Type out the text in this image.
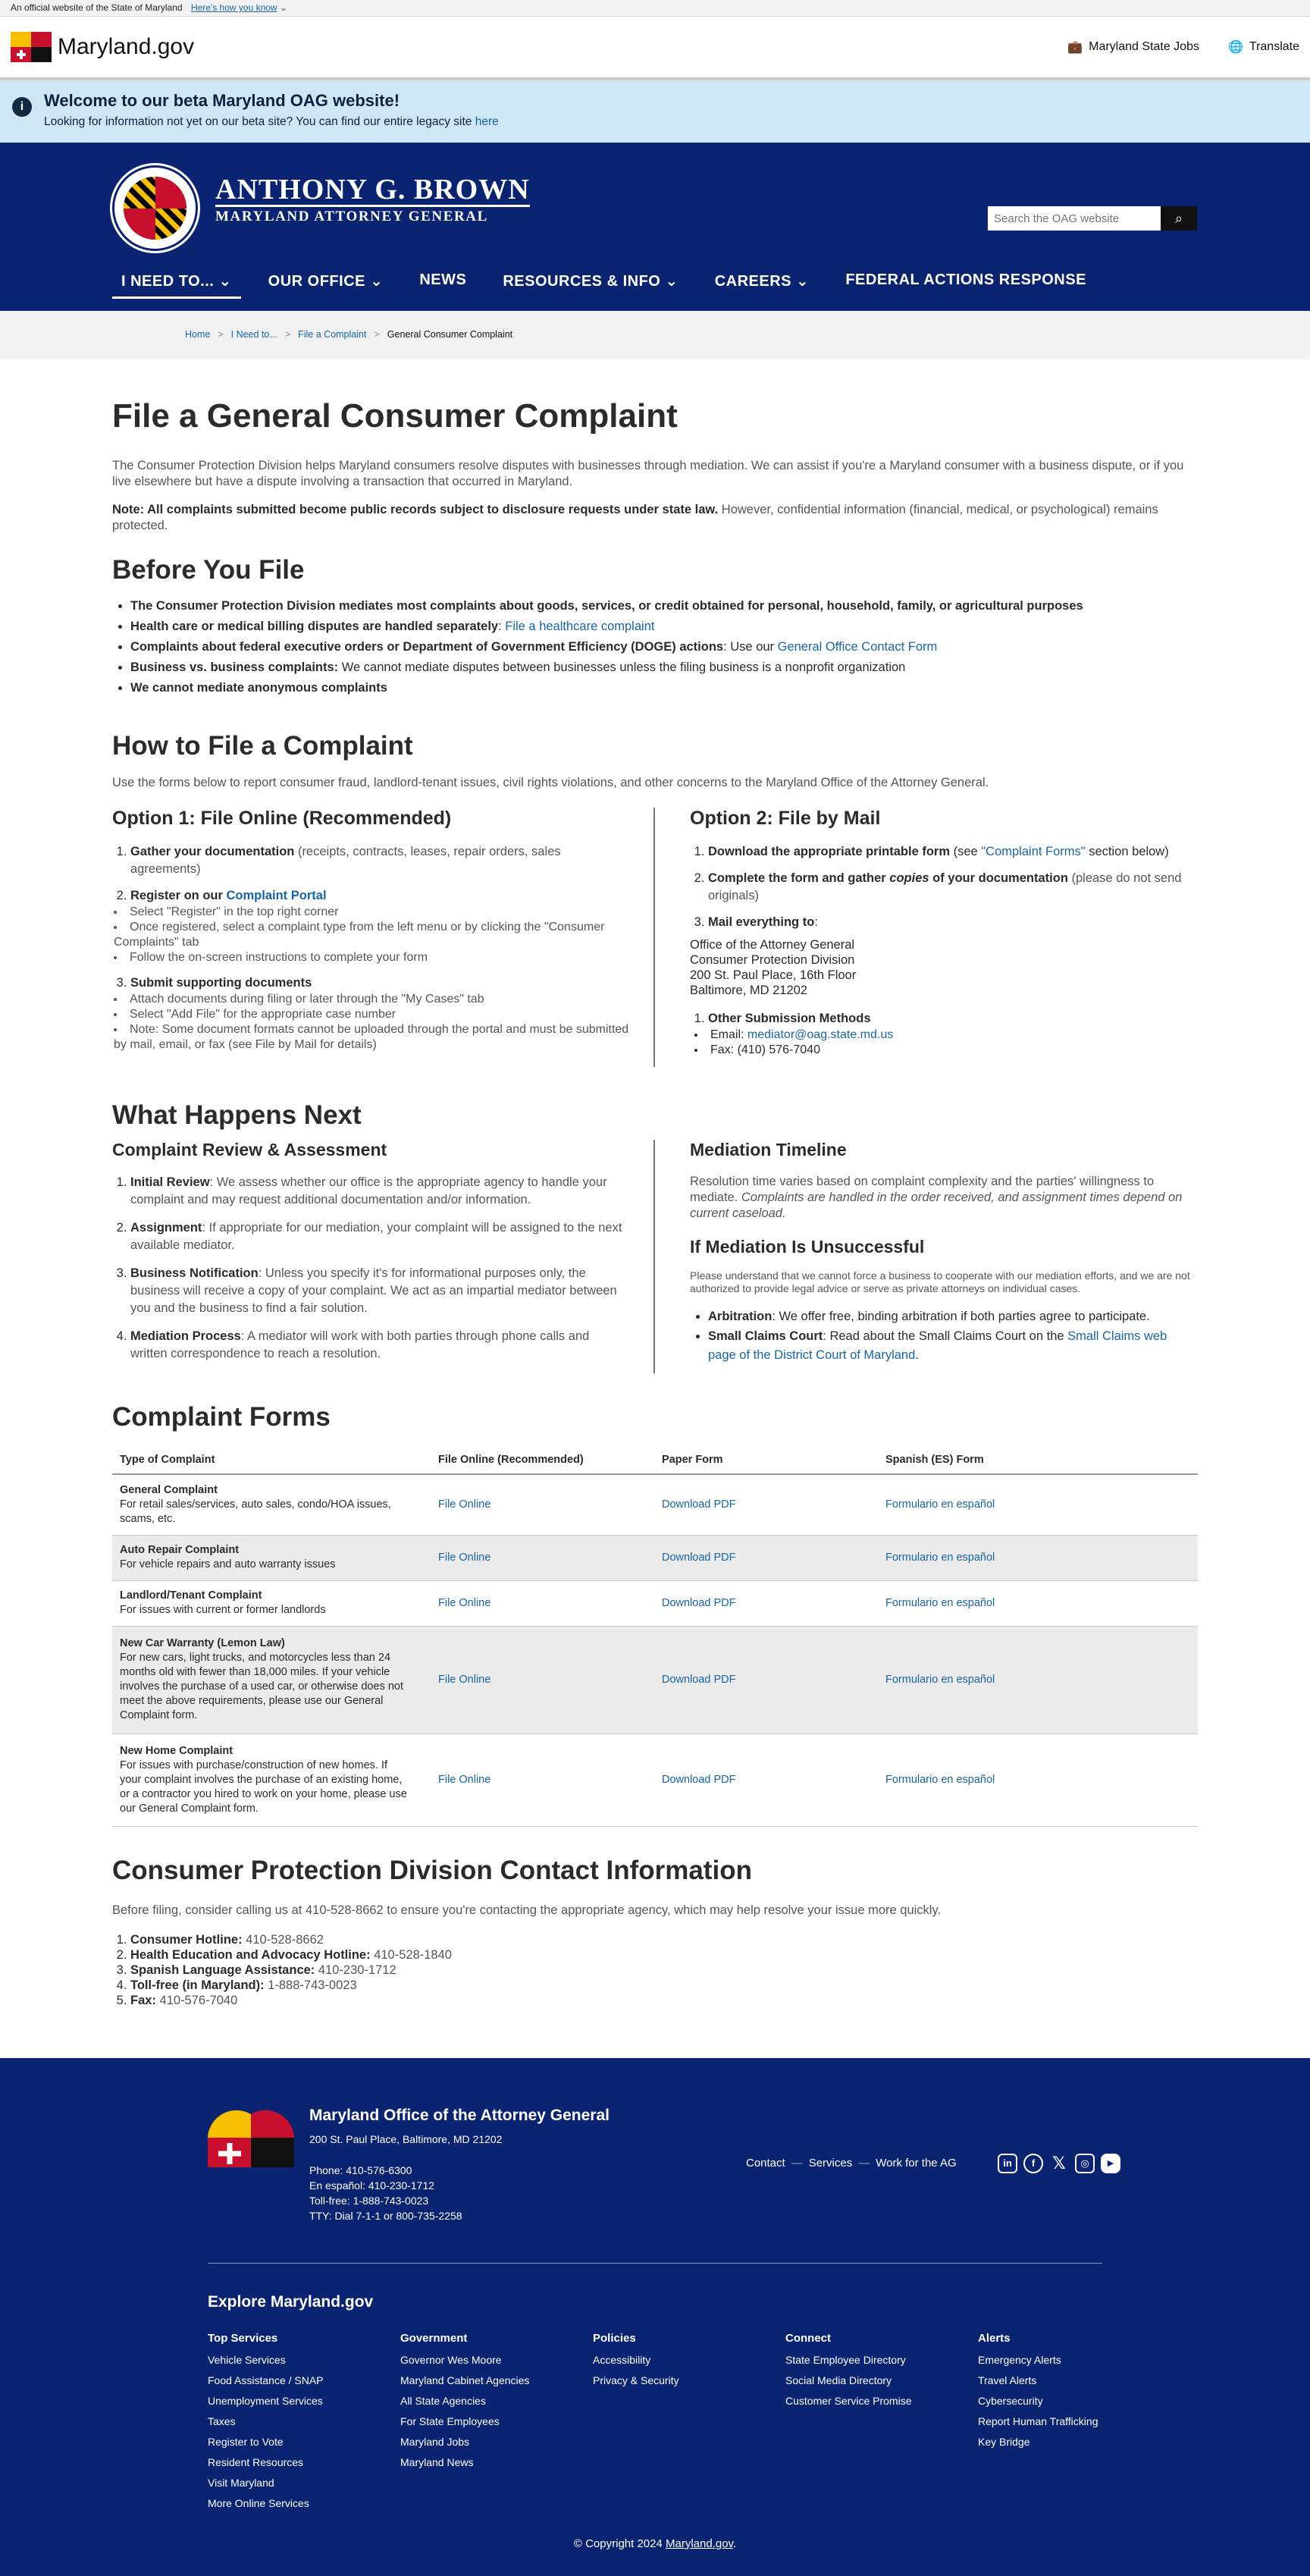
An official website of the State of Maryland Here's how you know ⌄
Maryland.gov	💼 Maryland State Jobs 🌐 Translate
i	Welcome to our beta Maryland OAG website!

Looking for information not yet on our beta site? You can find our entire legacy site here

ANTHONY G. BROWN
MARYLAND ATTORNEY GENERAL
Search the OAG website	⌕
I NEED TO... ⌄	OUR OFFICE ⌄	NEWS	RESOURCES & INFO ⌄	CAREERS ⌄	FEDERAL ACTIONS RESPONSE
Home > I Need to... > File a Complaint > General Consumer Complaint
File a General Consumer Complaint

The Consumer Protection Division helps Maryland consumers resolve disputes with businesses through mediation. We can assist if you're a Maryland consumer with a business dispute, or if you live elsewhere but have a dispute involving a transaction that occurred in Maryland.

Note: All complaints submitted become public records subject to disclosure requests under state law. However, confidential information (financial, medical, or psychological) remains protected.

Before You File
• The Consumer Protection Division mediates most complaints about goods, services, or credit obtained for personal, household, family, or agricultural purposes
• Health care or medical billing disputes are handled separately: File a healthcare complaint
• Complaints about federal executive orders or Department of Government Efficiency (DOGE) actions: Use our General Office Contact Form
• Business vs. business complaints: We cannot mediate disputes between businesses unless the filing business is a nonprofit organization
• We cannot mediate anonymous complaints
How to File a Complaint

Use the forms below to report consumer fraud, landlord-tenant issues, civil rights violations, and other concerns to the Maryland Office of the Attorney General.

Option 1: File Online (Recommended)
1. Gather your documentation (receipts, contracts, leases, repair orders, sales agreements)
2. Register on our Complaint Portal
• Select "Register" in the top right corner
• Once registered, select a complaint type from the left menu or by clicking the "Consumer Complaints" tab
• Follow the on-screen instructions to complete your form
3. Submit supporting documents
• Attach documents during filing or later through the "My Cases" tab
• Select "Add File" for the appropriate case number
• Note: Some document formats cannot be uploaded through the portal and must be submitted by mail, email, or fax (see File by Mail for details)
Option 2: File by Mail
1. Download the appropriate printable form (see "Complaint Forms" section below)
2. Complete the form and gather copies of your documentation (please do not send originals)
3. Mail everything to:
Office of the Attorney General
Consumer Protection Division
200 St. Paul Place, 16th Floor
Baltimore, MD 21202
1. Other Submission Methods
• Email: mediator@oag.state.md.us
• Fax: (410) 576-7040
What Happens Next
Complaint Review & Assessment
1. Initial Review: We assess whether our office is the appropriate agency to handle your complaint and may request additional documentation and/or information.
2. Assignment: If appropriate for our mediation, your complaint will be assigned to the next available mediator.
3. Business Notification: Unless you specify it's for informational purposes only, the business will receive a copy of your complaint. We act as an impartial mediator between you and the business to find a fair solution.
4. Mediation Process: A mediator will work with both parties through phone calls and written correspondence to reach a resolution.
Mediation Timeline

Resolution time varies based on complaint complexity and the parties' willingness to mediate. Complaints are handled in the order received, and assignment times depend on current caseload.

If Mediation Is Unsuccessful

Please understand that we cannot force a business to cooperate with our mediation efforts, and we are not authorized to provide legal advice or serve as private attorneys on individual cases.

• Arbitration: We offer free, binding arbitration if both parties agree to participate.
• Small Claims Court: Read about the Small Claims Court on the Small Claims web page of the District Court of Maryland.
Complaint Forms
Type of Complaint	File Online (Recommended)	Paper Form	Spanish (ES) Form
General Complaint
For retail sales/services, auto sales, condo/HOA issues, scams, etc.	File Online	Download PDF	Formulario en español
Auto Repair Complaint
For vehicle repairs and auto warranty issues	File Online	Download PDF	Formulario en español
Landlord/Tenant Complaint
For issues with current or former landlords	File Online	Download PDF	Formulario en español
New Car Warranty (Lemon Law)
For new cars, light trucks, and motorcycles less than 24 months old with fewer than 18,000 miles. If your vehicle involves the purchase of a used car, or otherwise does not meet the above requirements, please use our General Complaint form.	File Online	Download PDF	Formulario en español
New Home Complaint
For issues with purchase/construction of new homes. If your complaint involves the purchase of an existing home, or a contractor you hired to work on your home, please use our General Complaint form.	File Online	Download PDF	Formulario en español
Consumer Protection Division Contact Information

Before filing, consider calling us at 410-528-8662 to ensure you're contacting the appropriate agency, which may help resolve your issue more quickly.

1. Consumer Hotline: 410-528-8662
2. Health Education and Advocacy Hotline: 410-528-1840
3. Spanish Language Assistance: 410-230-1712
4. Toll-free (in Maryland): 1-888-743-0023
5. Fax: 410-576-7040
Maryland Office of the Attorney General
200 St. Paul Place, Baltimore, MD 21202
Phone: 410-576-6300
En español: 410-230-1712
Toll-free: 1-888-743-0023
TTY: Dial 7-1-1 or 800-735-2258
Contact — Services — Work for the AG	in	f	𝕏	◎	▶
Explore Maryland.gov
Top Services
Vehicle Services
Food Assistance / SNAP
Unemployment Services
Taxes
Register to Vote
Resident Resources
Visit Maryland
More Online Services
Government
Governor Wes Moore
Maryland Cabinet Agencies
All State Agencies
For State Employees
Maryland Jobs
Maryland News
Policies
Accessibility
Privacy & Security
Connect
State Employee Directory
Social Media Directory
Customer Service Promise
Alerts
Emergency Alerts
Travel Alerts
Cybersecurity
Report Human Trafficking
Key Bridge
© Copyright 2024 Maryland.gov.
